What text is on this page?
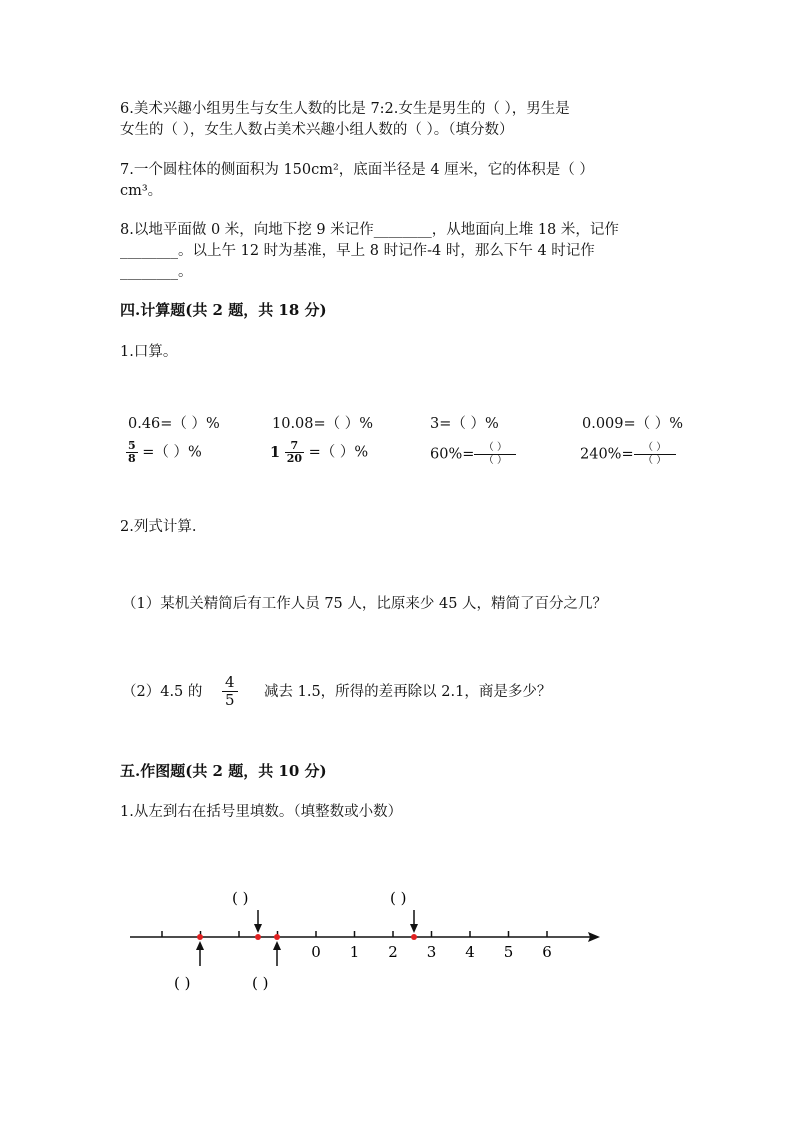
6.美术兴趣小组男生与女生人数的比是 7:2.女生是男生的（ ），男生是
女生的（ ），女生人数占美术兴趣小组人数的（ ）。（填分数）
7.一个圆柱体的侧面积为 150cm²，底面半径是 4 厘米，它的体积是（ ）
cm³。
8.以地平面做 0 米，向地下挖 9 米记作________，从地面向上堆 18 米，记作
________。以上午 12 时为基准，早上 8 时记作-4 时，那么下午 4 时记作
________。
四.计算题(共 2 题，共 18 分)
1.口算。
0.46=（ ）%	10.08=（ ）%	3=（ ）%	0.009=（ ）%
$\frac{5}{8}$ =（ ）%	$1 \frac{7}{20}$ =（ ）%	$60\%= \frac{( )}{( )}$	$240\%= \frac{( )}{( )}$
2.列式计算.
（1）某机关精简后有工作人员 75 人，比原来少 45 人，精简了百分之几？
（2）4.5 的 $\frac{4}{5}$ 减去 1.5，所得的差再除以 2.1，商是多少？
五.作图题(共 2 题，共 10 分)
1.从左到右在括号里填数。（填整数或小数）
0 1 2 3 4 5 6
( )	( )
( )	( )
